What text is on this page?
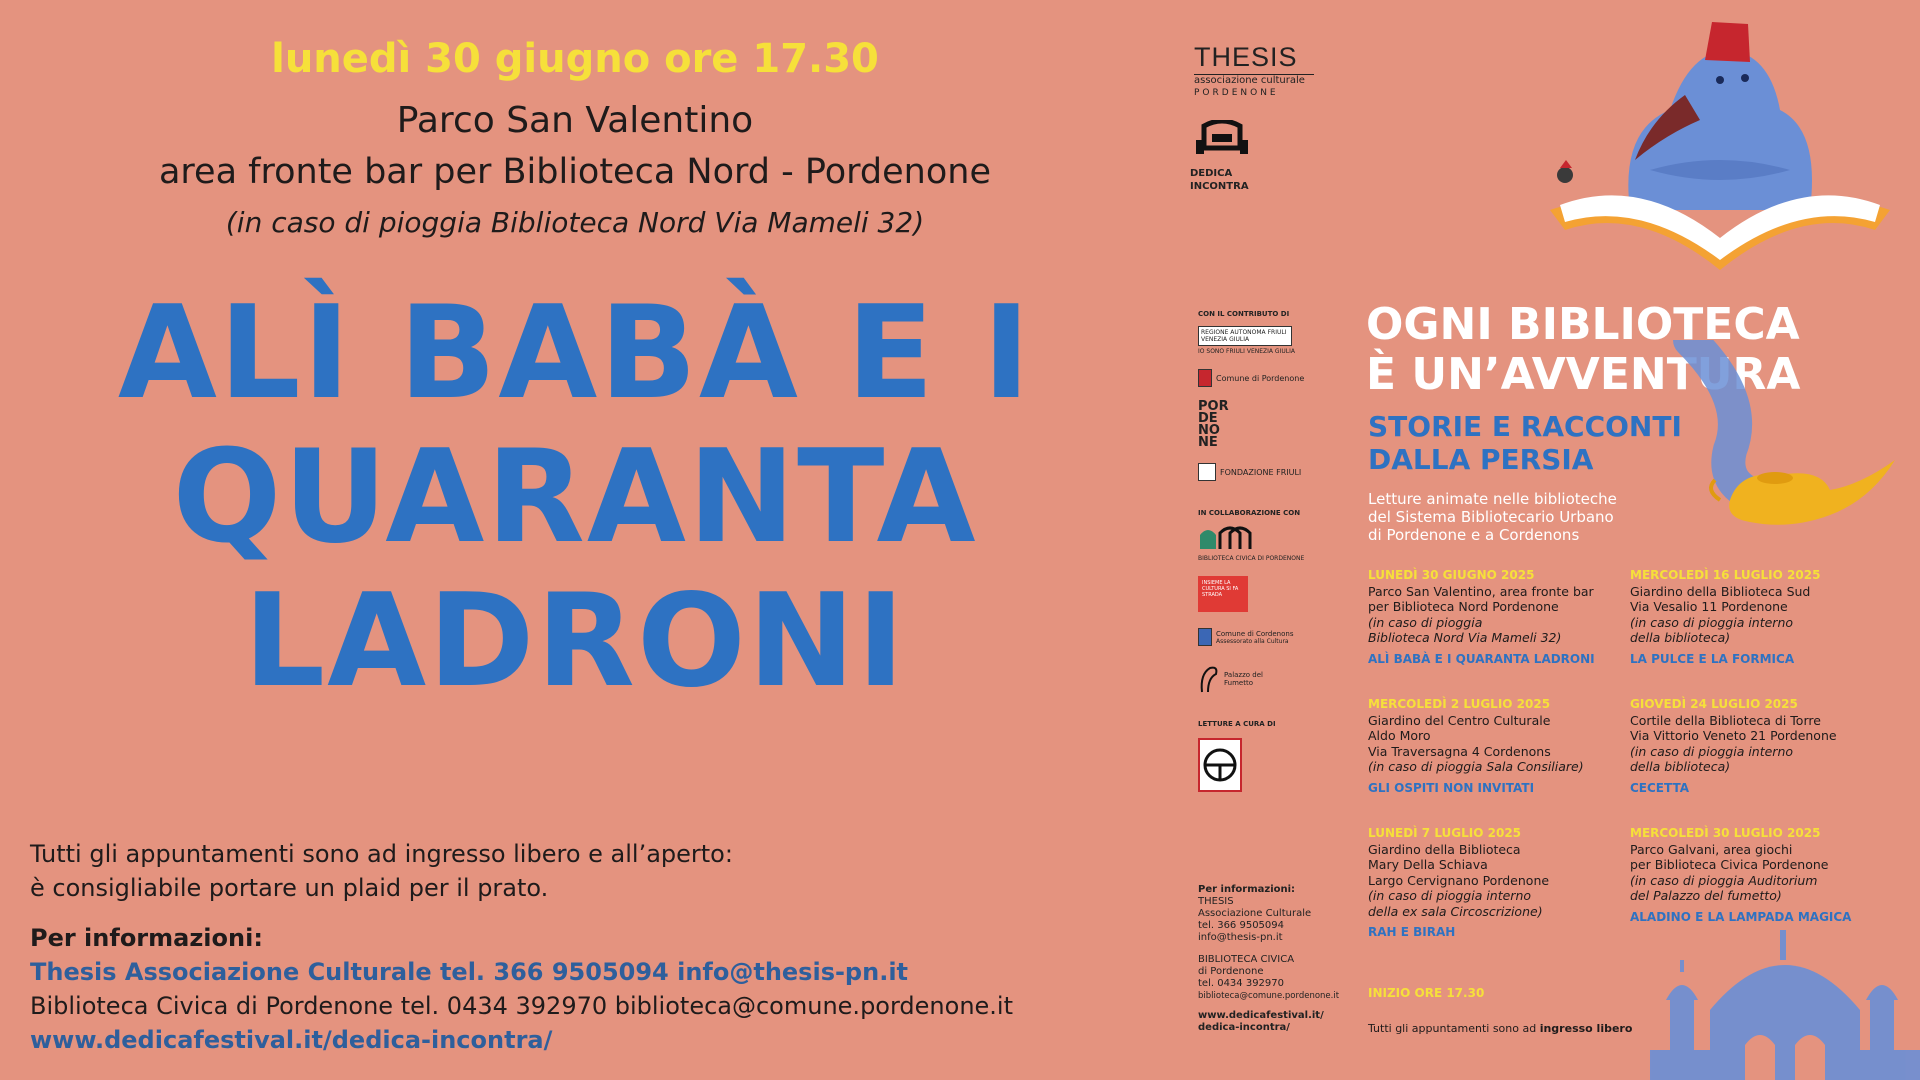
lunedì 30 giugno ore 17.30
Parco San Valentino
area fronte bar per Biblioteca Nord - Pordenone
(in caso di pioggia Biblioteca Nord Via Mameli 32)
ALÌ BABÀ E I
QUARANTA
LADRONI
Tutti gli appuntamenti sono ad ingresso libero e all’aperto:
è consigliabile portare un plaid per il prato.
Per informazioni:
Thesis Associazione Culturale tel. 366 9505094 info@thesis-pn.it
Biblioteca Civica di Pordenone tel. 0434 392970 biblioteca@comune.pordenone.it
www.dedicafestival.it/dedica-incontra/
THESIS
associazione culturale
PORDENONE
DEDICA
INCONTRA
CON IL CONTRIBUTO DI
REGIONE AUTONOMA FRIULI VENEZIA GIULIA
IO SONO FRIULI VENEZIA GIULIA
Comune di Pordenone
POR DE NO NE
FONDAZIONE FRIULI
IN COLLABORAZIONE CON
BIBLIOTECA CIVICA DI PORDENONE
INSIEME LA CULTURA SI FA STRADA
Comune di Cordenons
Assessorato alla Cultura
Palazzo del Fumetto
LETTURE A CURA DI
Per informazioni:
THESIS
Associazione Culturale
tel. 366 9505094
info@thesis-pn.it
BIBLIOTECA CIVICA
di Pordenone
tel. 0434 392970
biblioteca@comune.pordenone.it
www.dedicafestival.it/
dedica-incontra/
OGNI BIBLIOTECA
È UN’AVVENTURA
STORIE E RACCONTI
DALLA PERSIA
Letture animate nelle biblioteche
del Sistema Bibliotecario Urbano
di Pordenone e a Cordenons
LUNEDÌ 30 GIUGNO 2025
Parco San Valentino, area fronte bar
per Biblioteca Nord Pordenone
(in caso di pioggia
Biblioteca Nord Via Mameli 32)
ALÌ BABÀ E I QUARANTA LADRONI
MERCOLEDÌ 16 LUGLIO 2025
Giardino della Biblioteca Sud
Via Vesalio 11 Pordenone
(in caso di pioggia interno
della biblioteca)
LA PULCE E LA FORMICA
MERCOLEDÌ 2 LUGLIO 2025
Giardino del Centro Culturale
Aldo Moro
Via Traversagna 4 Cordenons
(in caso di pioggia Sala Consiliare)
GLI OSPITI NON INVITATI
GIOVEDÌ 24 LUGLIO 2025
Cortile della Biblioteca di Torre
Via Vittorio Veneto 21 Pordenone
(in caso di pioggia interno
della biblioteca)
CECETTA
LUNEDÌ 7 LUGLIO 2025
Giardino della Biblioteca
Mary Della Schiava
Largo Cervignano Pordenone
(in caso di pioggia interno
della ex sala Circoscrizione)
RAH E BIRAH
MERCOLEDÌ 30 LUGLIO 2025
Parco Galvani, area giochi
per Biblioteca Civica Pordenone
(in caso di pioggia Auditorium
del Palazzo del fumetto)
ALADINO E LA LAMPADA MAGICA
INIZIO ORE 17.30
Tutti gli appuntamenti sono ad ingresso libero
